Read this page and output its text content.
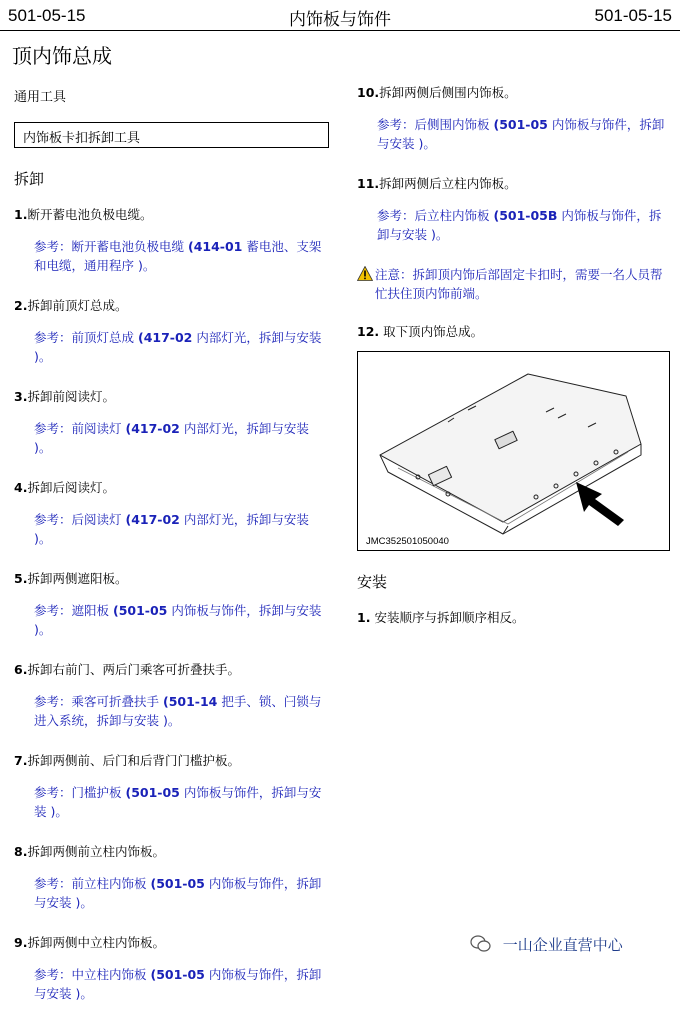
501-05-15	内饰板与饰件	501-05-15
顶内饰总成
通用工具
内饰板卡扣拆卸工具
拆卸
1.断开蓄电池负极电缆。
参考：断开蓄电池负极电缆 (414-01 蓄电池、支架和电缆，通用程序 )。
2.拆卸前顶灯总成。
参考：前顶灯总成 (417-02 内部灯光，拆卸与安装 )。
3.拆卸前阅读灯。
参考：前阅读灯 (417-02 内部灯光，拆卸与安装 )。
4.拆卸后阅读灯。
参考：后阅读灯 (417-02 内部灯光，拆卸与安装 )。
5.拆卸两侧遮阳板。
参考：遮阳板 (501-05 内饰板与饰件，拆卸与安装 )。
6.拆卸右前门、两后门乘客可折叠扶手。
参考：乘客可折叠扶手 (501-14 把手、锁、闩锁与进入系统，拆卸与安装 )。
7.拆卸两侧前、后门和后背门门槛护板。
参考：门槛护板 (501-05 内饰板与饰件，拆卸与安装 )。
8.拆卸两侧前立柱内饰板。
参考：前立柱内饰板 (501-05 内饰板与饰件，拆卸与安装 )。
9.拆卸两侧中立柱内饰板。
参考：中立柱内饰板 (501-05 内饰板与饰件，拆卸与安装 )。
10.拆卸两侧后侧围内饰板。
参考：后侧围内饰板 (501-05 内饰板与饰件，拆卸与安装 )。
11.拆卸两侧后立柱内饰板。
参考：后立柱内饰板 (501-05B 内饰板与饰件，拆卸与安装 )。
注意：拆卸顶内饰后部固定卡扣时，需要一名人员帮忙扶住顶内饰前端。
12. 取下顶内饰总成。
JMC352501050040
安装
1. 安装顺序与拆卸顺序相反。
一山企业直营中心
